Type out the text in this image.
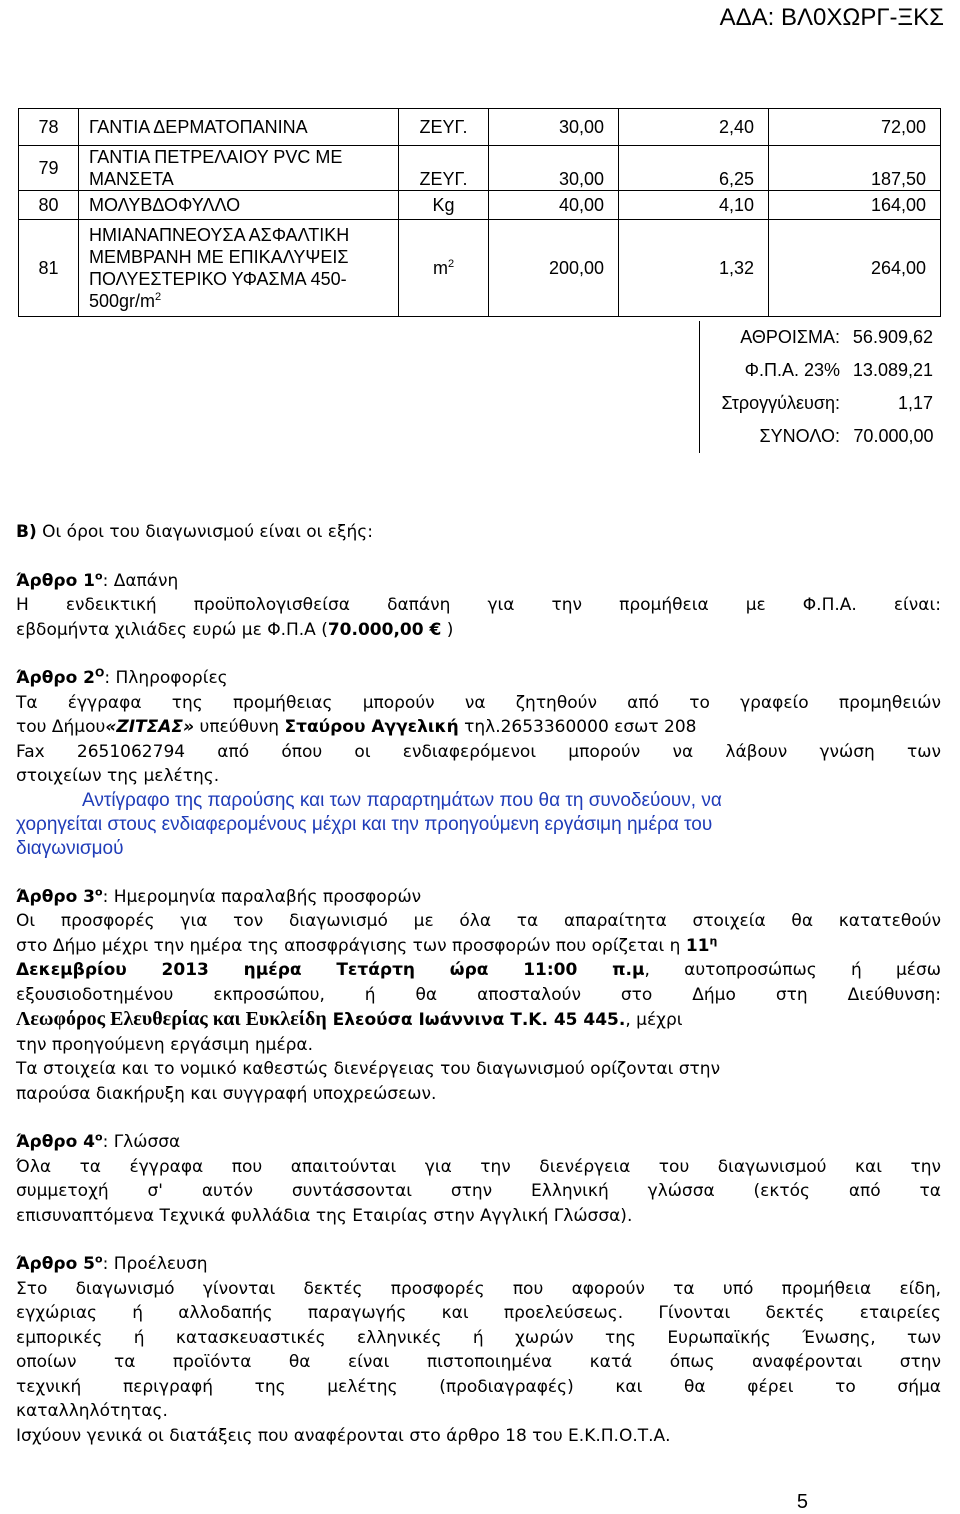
ΑΔΑ: ΒΛ0ΧΩΡΓ-ΞΚΣ
78	ΓΑΝΤΙΑ ΔΕΡΜΑΤΟΠΑΝΙΝΑ	ΖΕΥΓ.	30,00	2,40	72,00
79	ΓΑΝΤΙΑ ΠΕΤΡΕΛΑΙΟΥ PVC ΜΕ ΜΑΝΣΕΤΑ	ΖΕΥΓ.	30,00	6,25	187,50
80	ΜΟΛΥΒΔΟΦΥΛΛΟ	Kg	40,00	4,10	164,00
81	ΗΜΙΑΝΑΠΝΕΟΥΣΑ ΑΣΦΑΛΤΙΚΗ ΜΕΜΒΡΑΝΗ ΜΕ ΕΠΙΚΑΛΥΨΕΙΣ ΠΟΛΥΕΣΤΕΡΙΚΟ ΥΦΑΣΜΑ $450-500gr/m^2$	$m^2$	200,00	1,32	264,00
ΑΘΡΟΙΣΜΑ:	56.909,62
Φ.Π.Α. 23%	13.089,21
Στρογγύλευση:	1,17
ΣΥΝΟΛΟ:	70.000,00

Β) Οι όροι του διαγωνισμού είναι οι εξής:

Άρθρο $1^o$: Δαπάνη

Η ενδεικτική προϋπολογισθείσα δαπάνη για την προμήθεια με Φ.Π.Α. είναι:

εβδομήντα χιλιάδες ευρώ με Φ.Π.Α (70.000,00 € )

Άρθρο $2^O$: Πληροφορίες

Τα έγγραφα της προμήθειας μπορούν να ζητηθούν από το γραφείο προμηθειών

του Δήμου«ΖΙΤΣΑΣ» υπεύθυνη Σταύρου Αγγελική τηλ.2653360000 εσωτ 208

Fax 2651062794 από όπου οι ενδιαφερόμενοι μπορούν να λάβουν γνώση των

στοιχείων της μελέτης.

Αντίγραφο της παρούσης και των παραρτημάτων που θα τη συνοδεύουν, να

χορηγείται στους ενδιαφερομένους μέχρι και την προηγούμενη εργάσιμη ημέρα του

διαγωνισμού

Άρθρο $3^o$: Ημερομηνία παραλαβής προσφορών

Οι προσφορές για τον διαγωνισμό με όλα τα απαραίτητα στοιχεία θα κατατεθούν

στο Δήμο μέχρι την ημέρα της αποσφράγισης των προσφορών που ορίζεται η $11^\eta$

Δεκεμβρίου 2013 ημέρα Τετάρτη ώρα 11:00 π.μ, αυτοπροσώπως ή μέσω

εξουσιοδοτημένου εκπροσώπου, ή θα αποσταλούν στο Δήμο στη Διεύθυνση:

Λεωφόρος Ελευθερίας και Ευκλείδη Ελεούσα Ιωάννινα Τ.Κ. 45 445., μέχρι

την προηγούμενη εργάσιμη ημέρα.

Τα στοιχεία και το νομικό καθεστώς διενέργειας του διαγωνισμού ορίζονται στην

παρούσα διακήρυξη και συγγραφή υποχρεώσεων.

Άρθρο $4^o$: Γλώσσα

Όλα τα έγγραφα που απαιτούνται για την διενέργεια του διαγωνισμού και την

συμμετοχή σ' αυτόν συντάσσονται στην Ελληνική γλώσσα (εκτός από τα

επισυναπτόμενα Τεχνικά φυλλάδια της Εταιρίας στην Αγγλική Γλώσσα).

Άρθρο $5^o$: Προέλευση

Στο διαγωνισμό γίνονται δεκτές προσφορές που αφορούν τα υπό προμήθεια είδη,

εγχώριας ή αλλοδαπής παραγωγής και προελεύσεως. Γίνονται δεκτές εταιρείες

εμπορικές ή κατασκευαστικές ελληνικές ή χωρών της Ευρωπαϊκής Ένωσης, των

οποίων τα προϊόντα θα είναι πιστοποιημένα κατά όπως αναφέρονται στην

τεχνική περιγραφή της μελέτης (προδιαγραφές) και θα φέρει το σήμα

καταλληλότητας.

Ισχύουν γενικά οι διατάξεις που αναφέρονται στο άρθρο 18 του Ε.Κ.Π.Ο.Τ.Α.

5
